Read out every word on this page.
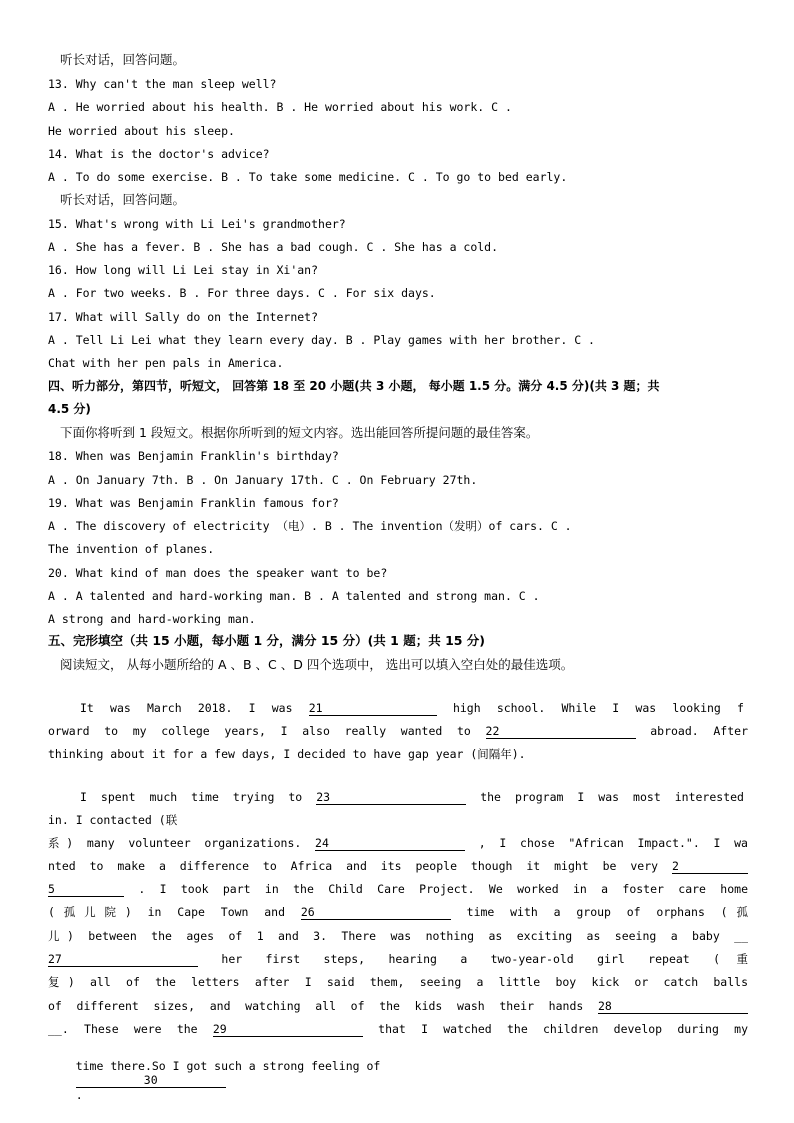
听长对话，回答问题。
13. Why can't the man sleep well?
A . He worried about his health. B . He worried about his work. C .
He worried about his sleep.
14. What is the doctor's advice?
A . To do some exercise. B . To take some medicine. C . To go to bed early.
听长对话，回答问题。
15. What's wrong with Li Lei's grandmother?
A . She has a fever. B . She has a bad cough. C . She has a cold.
16. How long will Li Lei stay in Xi'an?
A . For two weeks. B . For three days. C . For six days.
17. What will Sally do on the Internet?
A . Tell Li Lei what they learn every day. B . Play games with her brother. C .
Chat with her pen pals in America.
四、听力部分，第四节，听短文， 回答第 18 至 20 小题(共 3 小题， 每小题 1.5 分。满分 4.5 分)(共 3 题；共
4.5 分)
下面你将听到 1 段短文。根据你所听到的短文内容。选出能回答所提问题的最佳答案。
18. When was Benjamin Franklin's birthday?
A . On January 7th. B . On January 17th. C . On February 27th.
19. What was Benjamin Franklin famous for?
A . The discovery of electricity （电）. B . The invention（发明）of cars. C .
The invention of planes.
20. What kind of man does the speaker want to be?
A . A talented and hard-working man. B . A talented and strong man. C .
A strong and hard-working man.
五、完形填空（共 15 小题，每小题 1 分，满分 15 分）(共 1 题；共 15 分)
阅读短文， 从每小题所给的 A 、B 、C 、D 四个选项中， 选出可以填入空白处的最佳选项。
It was March 2018. I was 21	high school. While I was looking f
orward to my college years, I also really wanted to 22	abroad. After
thinking about it for a few days, I decided to have gap year (间隔年).
I spent much time trying to 23	the program I was most interested
in. I contacted (联
系) many volunteer organizations. 24	, I chose "African Impact.". I wa
nted to make a difference to Africa and its people though it might be very 2
5	. I took part in the Child Care Project. We worked in a foster care home
(孤儿院) in Cape Town and 26	time with a group of orphans (孤
儿) between the ages of 1 and 3. There was nothing as exciting as seeing a baby __
27	her first steps, hearing a two-year-old girl repeat (重
复) all of the letters after I said them, seeing a little boy kick or catch balls
of different sizes, and watching all of the kids wash their hands 28
__. These were the 29	that I watched the children develop during my

time there.So I got such a strong feeling of
30
.
